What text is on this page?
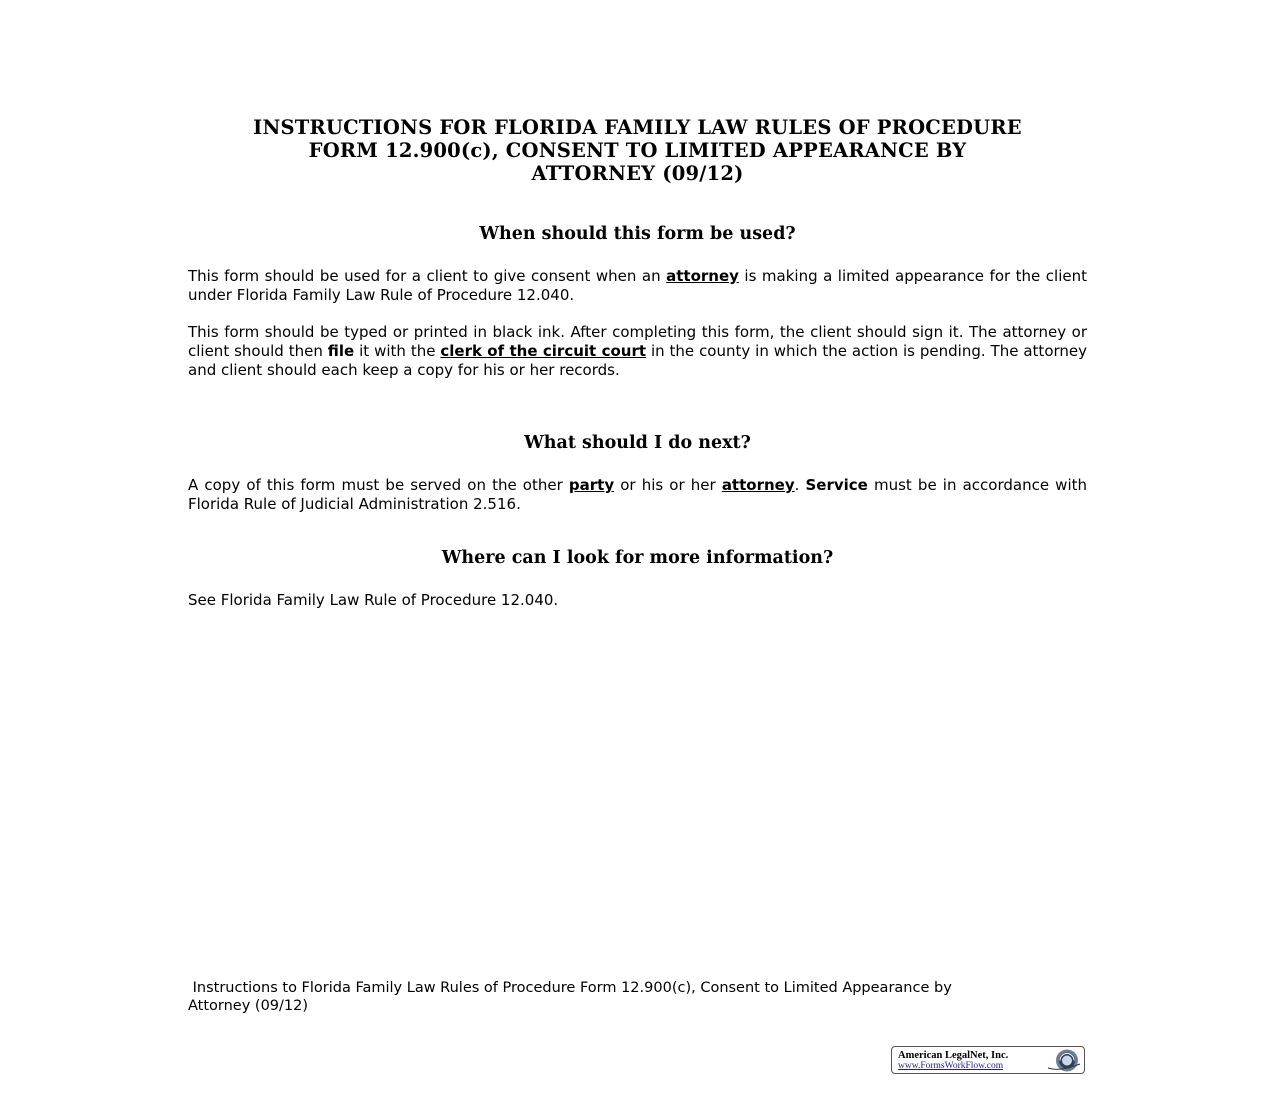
INSTRUCTIONS FOR FLORIDA FAMILY LAW RULES OF PROCEDURE
FORM 12.900(c), CONSENT TO LIMITED APPEARANCE BY
ATTORNEY (09/12)
When should this form be used?

This form should be used for a client to give consent when an attorney is making a limited appearance for the client under Florida Family Law Rule of Procedure 12.040.

This form should be typed or printed in black ink. After completing this form, the client should sign it. The attorney or client should then file it with the clerk of the circuit court in the county in which the action is pending. The attorney and client should each keep a copy for his or her records.

What should I do next?

A copy of this form must be served on the other party or his or her attorney. Service must be in accordance with Florida Rule of Judicial Administration 2.516.

Where can I look for more information?

See Florida Family Law Rule of Procedure 12.040.

Instructions to Florida Family Law Rules of Procedure Form 12.900(c), Consent to Limited Appearance by
Attorney (09/12)
American LegalNet, Inc.
www.FormsWorkFlow.com
